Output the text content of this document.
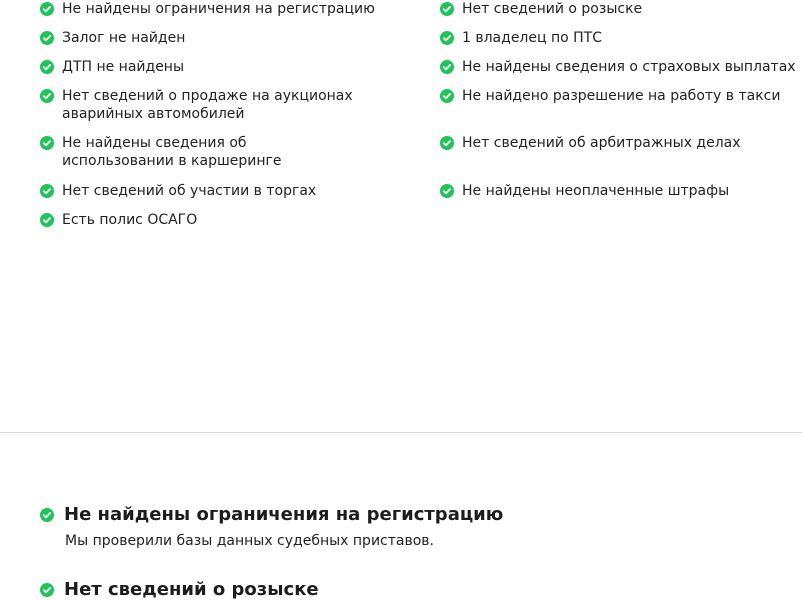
Не найдены ограничения на регистрацию	Нет сведений о розыске
Залог не найден	1 владелец по ПТС
ДТП не найдены	Не найдены сведения о страховых выплатах
Нет сведений о продаже на аукционах аварийных автомобилей
Не найдено разрешение на работу в такси
Не найдены сведения об использовании в каршеринге
Нет сведений об арбитражных делах
Нет сведений об участии в торгах	Не найдены неоплаченные штрафы
Есть полис ОСАГО
Не найдены ограничения на регистрацию
Мы проверили базы данных судебных приставов.
Нет сведений о розыске
